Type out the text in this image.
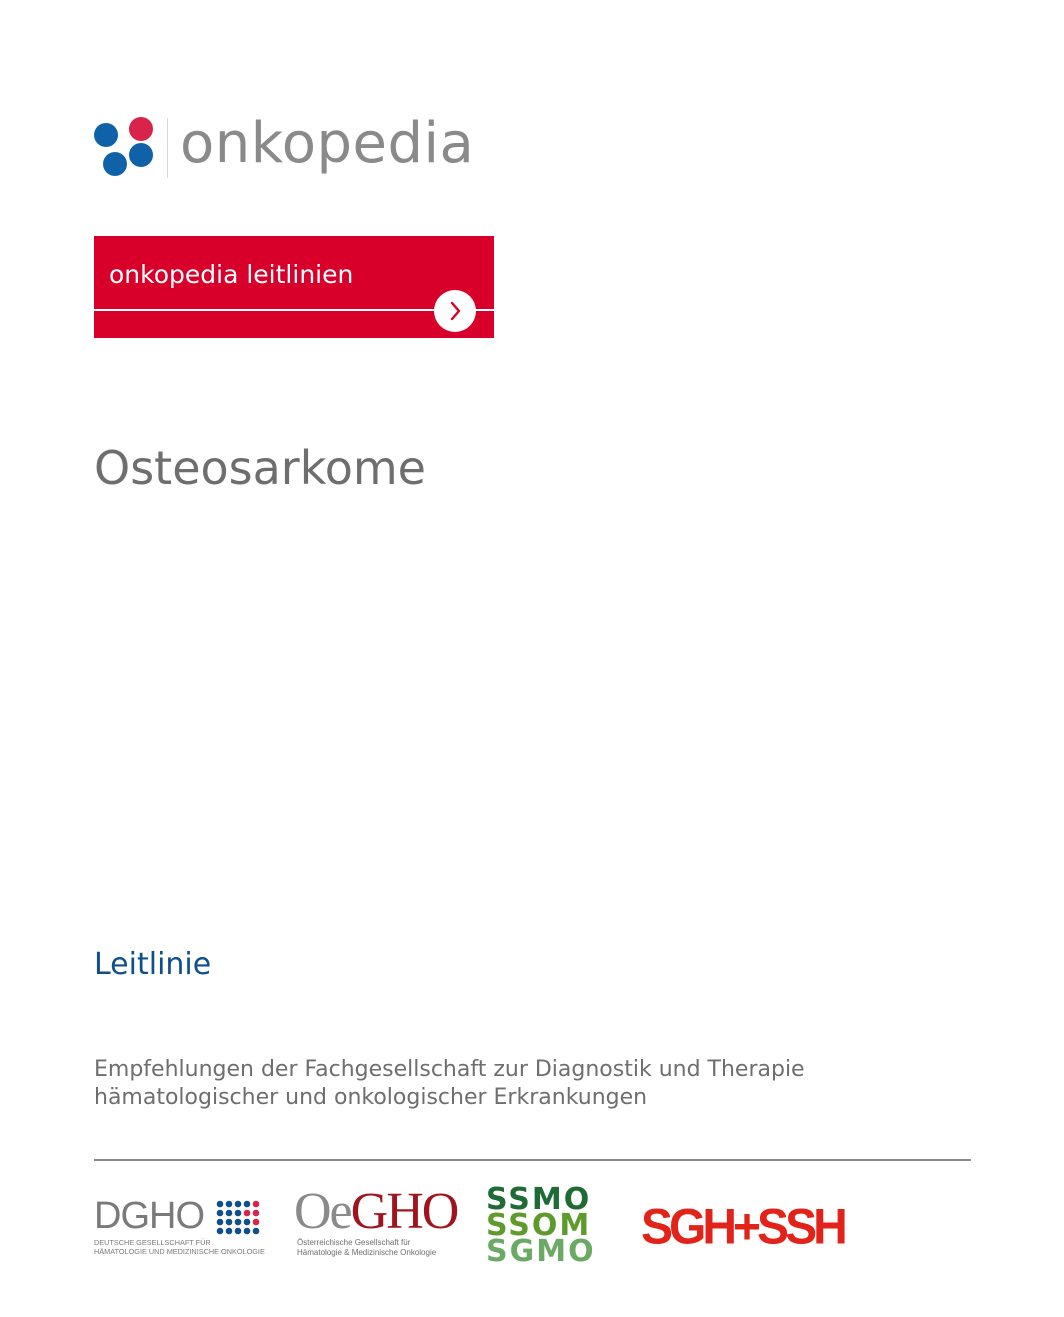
onkopedia
onkopedia leitlinien
Osteosarkome
Leitlinie
Empfehlungen der Fachgesellschaft zur Diagnostik und Therapie
hämatologischer und onkologischer Erkrankungen
DGHO
DEUTSCHE GESELLSCHAFT FÜR
HÄMATOLOGIE UND MEDIZINISCHE ONKOLOGIE
OeGHO
Österreichische Gesellschaft für
Hämatologie & Medizinische Onkologie
SSMO
SSOM
SGMO SGH+SSH
